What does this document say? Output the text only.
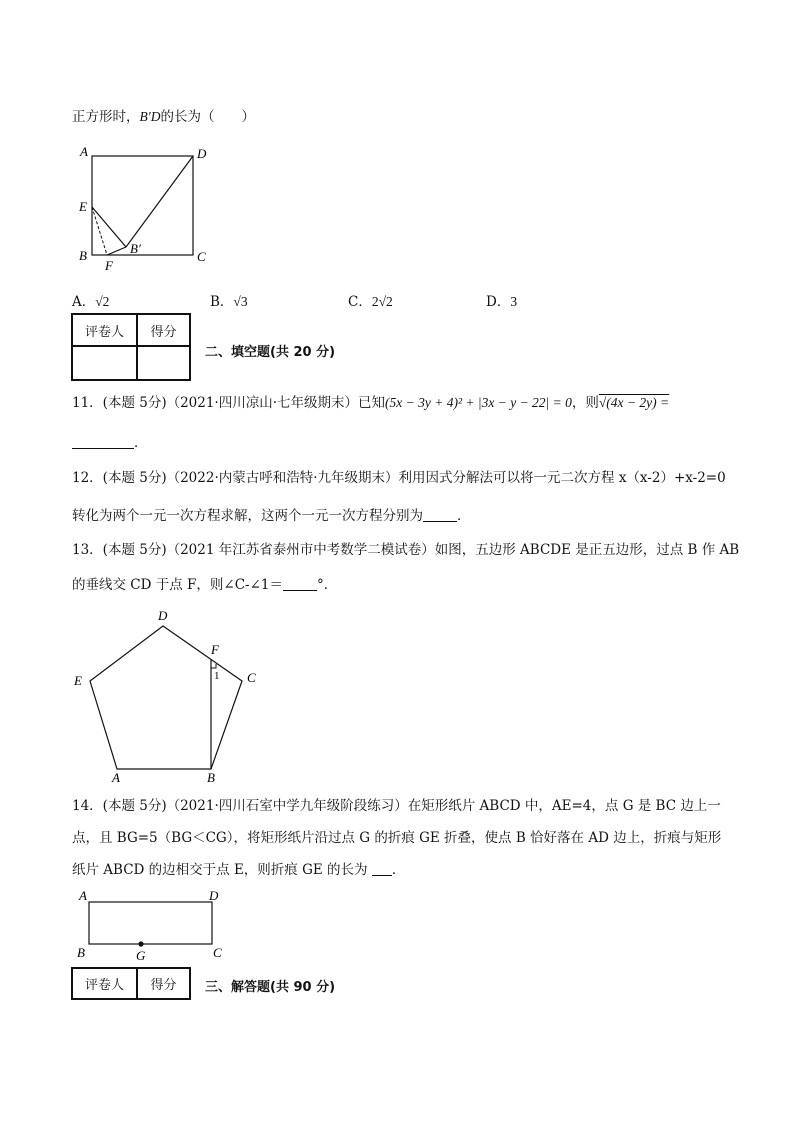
正方形时，B′D的长为（　　）
A	D
E
B	B′
F
C
A．√2	B．√3	C．2√2	D．3
评卷人	得分

二、填空题(共 20 分)
11．(本题 5分)（2021·四川凉山·七年级期末）已知(5x − 3y + 4)² + |3x − y − 22| = 0，则√(4x − 2y) =
．
12．(本题 5分)（2022·内蒙古呼和浩特·九年级期末）利用因式分解法可以将一元二次方程 x（x-2）+x-2=0
转化为两个一元一次方程求解，这两个一元一次方程分别为	．
13．(本题 5分)（2021 年江苏省泰州市中考数学二模试卷）如图，五边形 ABCDE 是正五边形，过点 B 作 AB
的垂线交 CD 于点 F，则∠C-∠1＝	°．
D
F
E	1 C
A	B
14．(本题 5分)（2021·四川石室中学九年级阶段练习）在矩形纸片 ABCD 中，AE=4，点 G 是 BC 边上一
点，且 BG=5（BG＜CG），将矩形纸片沿过点 G 的折痕 GE 折叠，使点 B 恰好落在 AD 边上，折痕与矩形
纸片 ABCD 的边相交于点 E，则折痕 GE 的长为 ．
A	D
B	G	C
评卷人	得分 三、解答题(共 90 分)
